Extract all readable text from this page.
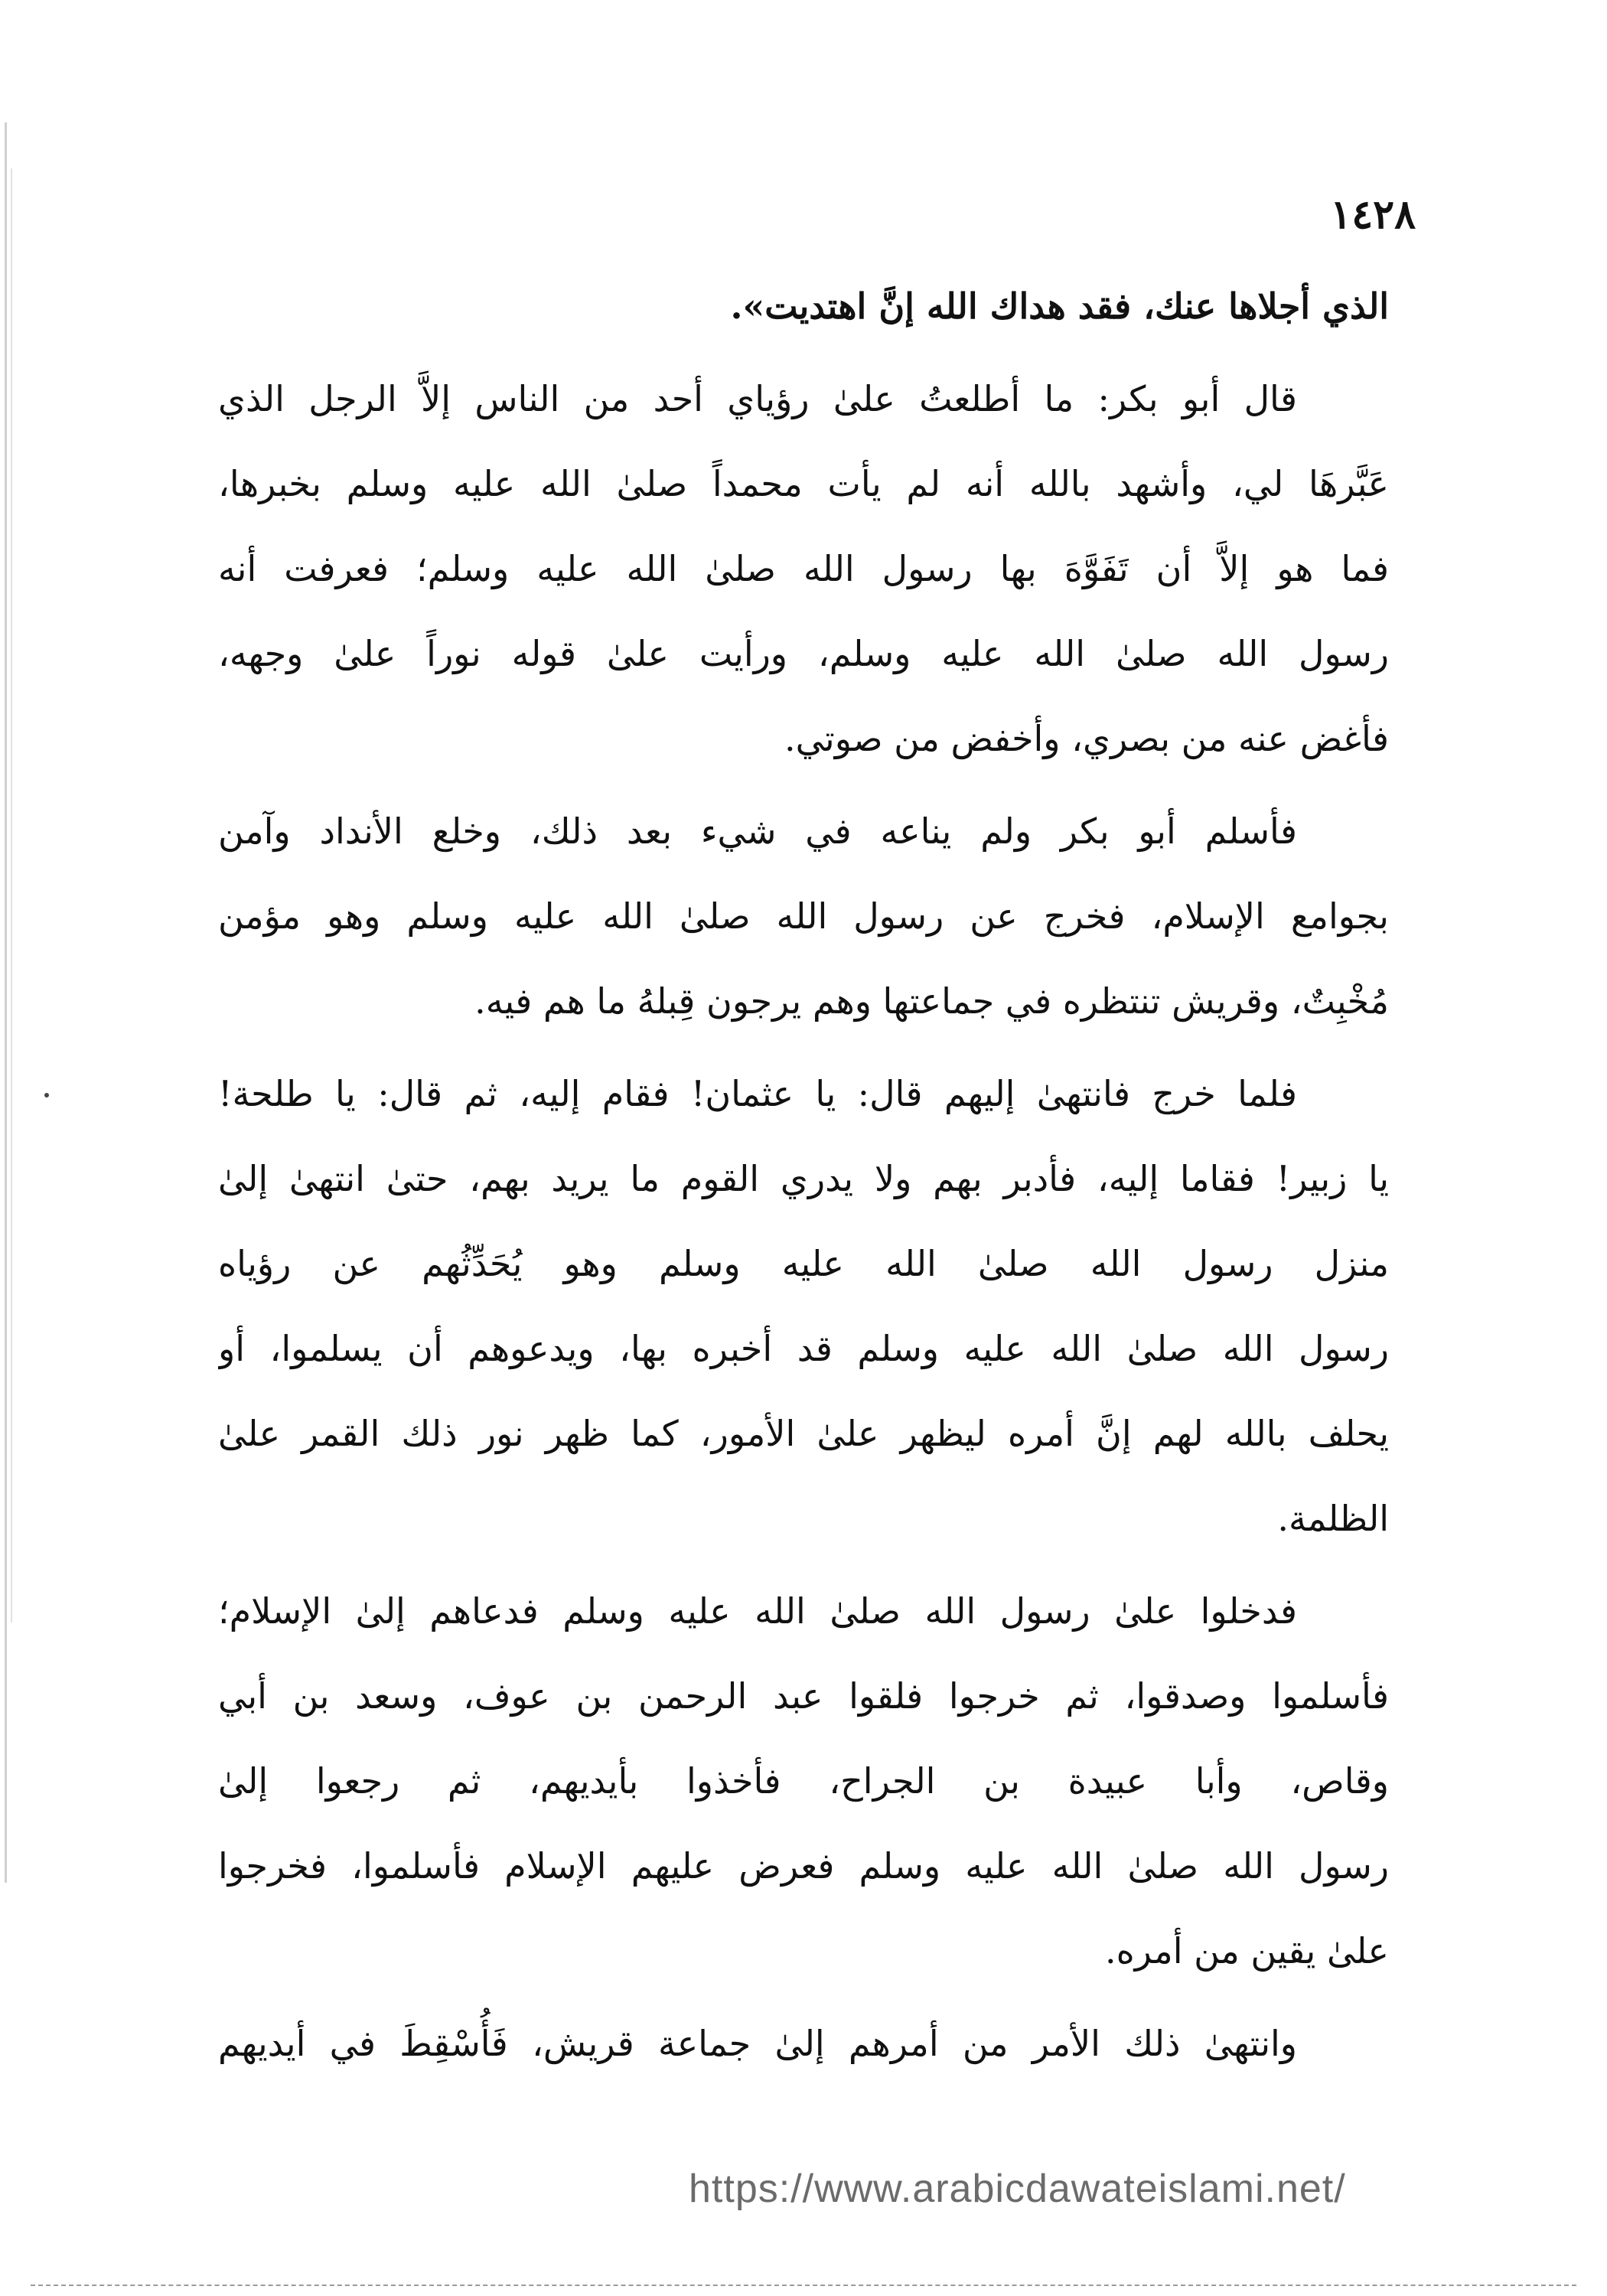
١٤٢٨
الذي أجلاها عنك، فقد هداك الله إنَّ اهتديت».
قال أبو بكر: ما أطلعتُ علىٰ رؤياي أحد من الناس إلاَّ الرجل الذي
عَبَّرهَا لي، وأشهد بالله أنه لم يأت محمداً صلىٰ الله عليه وسلم بخبرها،
فما هو إلاَّ أن تَفَوَّهَ بها رسول الله صلىٰ الله عليه وسلم؛ فعرفت أنه
رسول الله صلىٰ الله عليه وسلم، ورأيت علىٰ قوله نوراً علىٰ وجهه،
فأغض عنه من بصري، وأخفض من صوتي.
فأسلم أبو بكر ولم يناعه في شيء بعد ذلك، وخلع الأنداد وآمن
بجوامع الإسلام، فخرج عن رسول الله صلىٰ الله عليه وسلم وهو مؤمن
مُخْبِتٌ، وقريش تنتظره في جماعتها وهم يرجون قِبلهُ ما هم فيه.
فلما خرج فانتهىٰ إليهم قال: يا عثمان! فقام إليه، ثم قال: يا طلحة!
يا زبير! فقاما إليه، فأدبر بهم ولا يدري القوم ما يريد بهم، حتىٰ انتهىٰ إلىٰ
منزل رسول الله صلىٰ الله عليه وسلم وهو يُحَدِّثُهم عن رؤياه
رسول الله صلىٰ الله عليه وسلم قد أخبره بها، ويدعوهم أن يسلموا، أو
يحلف بالله لهم إنَّ أمره ليظهر علىٰ الأمور، كما ظهر نور ذلك القمر علىٰ
الظلمة.
فدخلوا علىٰ رسول الله صلىٰ الله عليه وسلم فدعاهم إلىٰ الإسلام؛
فأسلموا وصدقوا، ثم خرجوا فلقوا عبد الرحمن بن عوف، وسعد بن أبي
وقاص، وأبا عبيدة بن الجراح، فأخذوا بأيديهم، ثم رجعوا إلىٰ
رسول الله صلىٰ الله عليه وسلم فعرض عليهم الإسلام فأسلموا، فخرجوا
علىٰ يقين من أمره.
وانتهىٰ ذلك الأمر من أمرهم إلىٰ جماعة قريش، فَأُسْقِطَ في أيديهم
https://www.arabicdawateislami.net/
